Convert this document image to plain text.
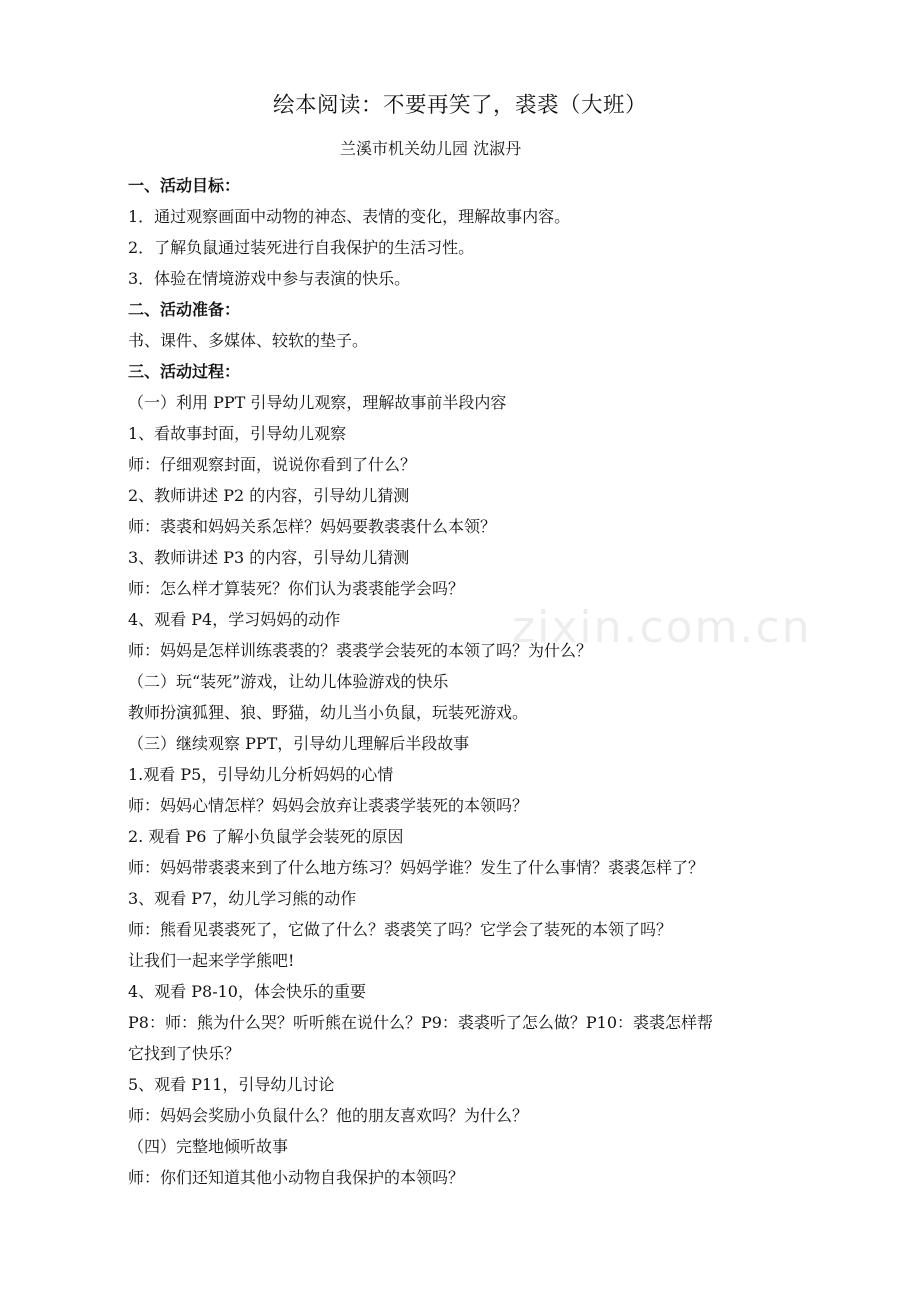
绘本阅读：不要再笑了，裘裘（大班）
兰溪市机关幼儿园 沈淑丹
一、活动目标：
1．通过观察画面中动物的神态、表情的变化，理解故事内容。
2．了解负鼠通过装死进行自我保护的生活习性。
3．体验在情境游戏中参与表演的快乐。
二、活动准备：
书、课件、多媒体、较软的垫子。
三、活动过程：
（一）利用 PPT 引导幼儿观察，理解故事前半段内容
1、看故事封面，引导幼儿观察
师：仔细观察封面，说说你看到了什么？
2、教师讲述 P2 的内容，引导幼儿猜测
师：裘裘和妈妈关系怎样？妈妈要教裘裘什么本领？
3、教师讲述 P3 的内容，引导幼儿猜测
师：怎么样才算装死？你们认为裘裘能学会吗？
4、观看 P4，学习妈妈的动作
师：妈妈是怎样训练裘裘的？裘裘学会装死的本领了吗？为什么？
（二）玩“装死”游戏，让幼儿体验游戏的快乐
教师扮演狐狸、狼、野猫，幼儿当小负鼠，玩装死游戏。
（三）继续观察 PPT，引导幼儿理解后半段故事
1.观看 P5，引导幼儿分析妈妈的心情
师：妈妈心情怎样？妈妈会放弃让裘裘学装死的本领吗？
2. 观看 P6 了解小负鼠学会装死的原因
师：妈妈带裘裘来到了什么地方练习？妈妈学谁？发生了什么事情？裘裘怎样了？
3、观看 P7，幼儿学习熊的动作
师：熊看见裘裘死了，它做了什么？裘裘笑了吗？它学会了装死的本领了吗？
让我们一起来学学熊吧!
4、观看 P8-10，体会快乐的重要
P8：师：熊为什么哭？听听熊在说什么？P9：裘裘听了怎么做？P10：裘裘怎样帮
它找到了快乐？
5、观看 P11，引导幼儿讨论
师：妈妈会奖励小负鼠什么？他的朋友喜欢吗？为什么？
（四）完整地倾听故事
师：你们还知道其他小动物自我保护的本领吗？
zixin.com.cn
